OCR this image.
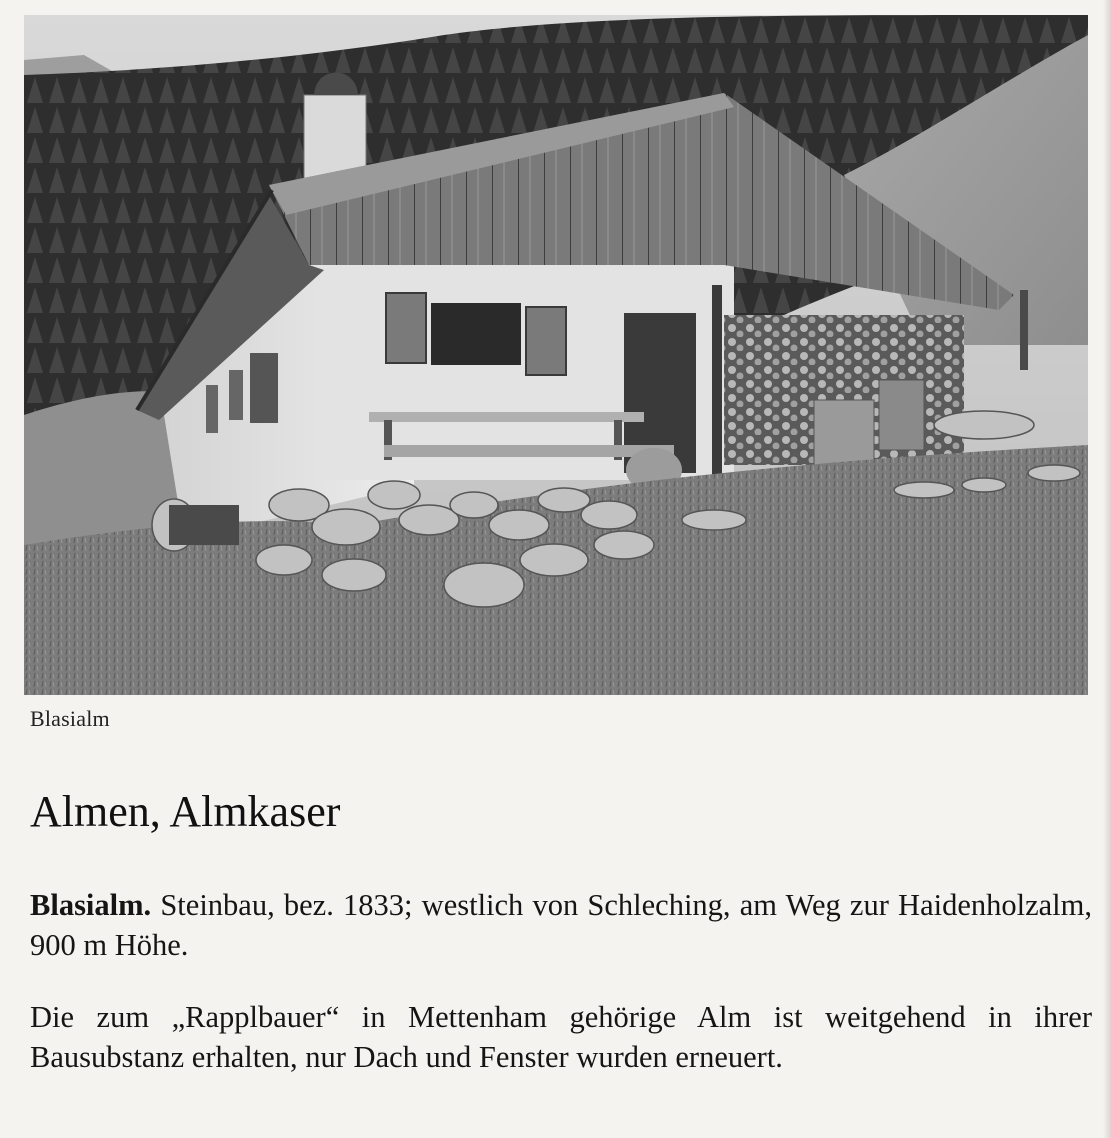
Blasialm
Almen, Almkaser

Blasialm. Steinbau, bez. 1833; westlich von Schleching, am Weg zur Haidenholzalm, 900 m Höhe.

Die zum „Rapplbauer“ in Mettenham gehörige Alm ist weitgehend in ihrer Bausubstanz erhalten, nur Dach und Fenster wurden erneuert.
